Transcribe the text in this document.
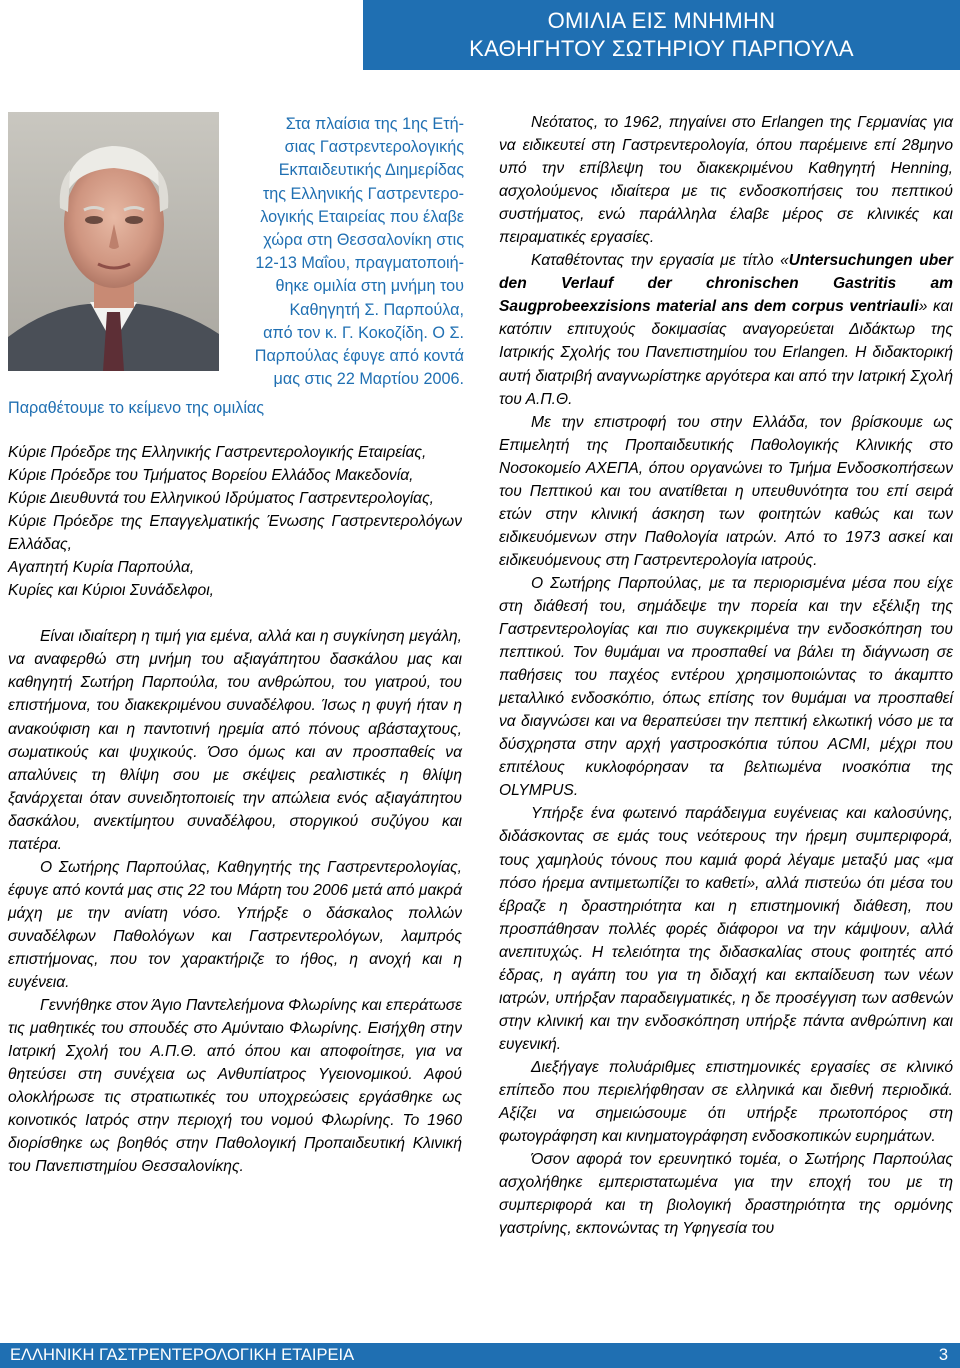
ΟΜΙΛΙΑ ΕΙΣ ΜΝΗΜΗΝ
ΚΑΘΗΓΗΤΟΥ ΣΩΤΗΡΙΟΥ ΠΑΡΠΟΥΛΑ
Στα πλαίσια της 1ης Ετή-
σιας Γαστρεντερολογικής
Εκπαιδευτικής Διημερίδας
της Ελληνικής Γαστρεντερο-
λογικής Εταιρείας που έλαβε
χώρα στη Θεσσαλονίκη στις
12-13 Μαΐου, πραγματοποιή-
θηκε ομιλία στη μνήμη του
Καθηγητή Σ. Παρπούλα,
από τον κ. Γ. Κοκοζίδη. Ο Σ.
Παρπούλας έφυγε από κοντά
μας στις 22 Μαρτίου 2006.
Παραθέτουμε το κείμενο της ομιλίας

Κύριε Πρόεδρε της Ελληνικής Γαστρεντερολογικής Εταιρείας,

Κύριε Πρόεδρε του Τμήματος Βορείου Ελλάδος Μακεδονία,

Κύριε Διευθυντά του Ελληνικού Ιδρύματος Γαστρεντερολογίας,

Κύριε Πρόεδρε της Επαγγελματικής Ένωσης Γαστρεντερολόγων Ελλάδας,

Αγαπητή Κυρία Παρπούλα,

Κυρίες και Κύριοι Συνάδελφοι,

Είναι ιδιαίτερη η τιμή για εμένα, αλλά και η συγκίνηση μεγάλη, να αναφερθώ στη μνήμη του αξιαγάπητου δασκάλου μας και καθηγητή Σωτήρη Παρπούλα, του ανθρώπου, του γιατρού, του επιστήμονα, του διακεκριμένου συναδέλφου. Ίσως η φυγή ήταν η ανακούφιση και η παντοτινή ηρεμία από πόνους αβάσταχτους, σωματικούς και ψυχικούς. Όσο όμως και αν προσπαθείς να απαλύνεις τη θλίψη σου με σκέψεις ρεαλιστικές η θλίψη ξανάρχεται όταν συνειδητοποιείς την απώλεια ενός αξιαγάπητου δασκάλου, ανεκτίμητου συναδέλφου, στοργικού συζύγου και πατέρα.

Ο Σωτήρης Παρπούλας, Καθηγητής της Γαστρεντερολογίας, έφυγε από κοντά μας στις 22 του Μάρτη του 2006 μετά από μακρά μάχη με την ανίατη νόσο. Υπήρξε ο δάσκαλος πολλών συναδέλφων Παθολόγων και Γαστρεντερολόγων, λαμπρός επιστήμονας, που τον χαρακτήριζε το ήθος, η ανοχή και η ευγένεια.

Γεννήθηκε στον Άγιο Παντελεήμονα Φλωρίνης και επεράτωσε τις μαθητικές του σπουδές στο Αμύνταιο Φλωρίνης. Εισήχθη στην Ιατρική Σχολή του Α.Π.Θ. από όπου και αποφοίτησε, για να θητεύσει στη συνέχεια ως Ανθυπίατρος Υγειονομικού. Αφού ολοκλήρωσε τις στρατιωτικές του υποχρεώσεις εργάσθηκε ως κοινοτικός Ιατρός στην περιοχή του νομού Φλωρίνης. Το 1960 διορίσθηκε ως βοηθός στην Παθολογική Προπαιδευτική Κλινική του Πανεπιστημίου Θεσσαλονίκης.

Νεότατος, το 1962, πηγαίνει στο Erlangen της Γερμανίας για να ειδικευτεί στη Γαστρεντερολογία, όπου παρέμεινε επί 28μηνο υπό την επίβλεψη του διακεκριμένου Καθηγητή Henning, ασχολούμενος ιδιαίτερα με τις ενδοσκοπήσεις του πεπτικού συστήματος, ενώ παράλληλα έλαβε μέρος σε κλινικές και πειραματικές εργασίες.

Καταθέτοντας την εργασία με τίτλο «Untersuchungen uber den Verlauf der chronischen Gastritis am Saugprobeexzisions material ans dem corpus ventriauli» και κατόπιν επιτυχούς δοκιμασίας αναγορεύεται Διδάκτωρ της Ιατρικής Σχολής του Πανεπιστημίου του Erlangen. Η διδακτορική αυτή διατριβή αναγνωρίστηκε αργότερα και από την Ιατρική Σχολή του Α.Π.Θ.

Με την επιστροφή του στην Ελλάδα, τον βρίσκουμε ως Επιμελητή της Προπαιδευτικής Παθολογικής Κλινικής στο Νοσοκομείο ΑΧΕΠΑ, όπου οργανώνει το Τμήμα Ενδοσκοπήσεων του Πεπτικού και του ανατίθεται η υπευθυνότητα του επί σειρά ετών στην κλινική άσκηση των φοιτητών καθώς και των ειδικευόμενων στην Παθολογία ιατρών. Από το 1973 ασκεί και ειδικευόμενους στη Γαστρεντερολογία ιατρούς.

Ο Σωτήρης Παρπούλας, με τα περιορισμένα μέσα που είχε στη διάθεσή του, σημάδεψε την πορεία και την εξέλιξη της Γαστρεντερολογίας και πιο συγκεκριμένα την ενδοσκόπηση του πεπτικού. Τον θυμάμαι να προσπαθεί να βάλει τη διάγνωση σε παθήσεις του παχέος εντέρου χρησιμοποιώντας το άκαμπτο μεταλλικό ενδοσκόπιο, όπως επίσης τον θυμάμαι να προσπαθεί να διαγνώσει και να θεραπεύσει την πεπτική ελκωτική νόσο με τα δύσχρηστα στην αρχή γαστροσκόπια τύπου ACMI, μέχρι που επιτέλους κυκλοφόρησαν τα βελτιωμένα ινοσκόπια της OLYMPUS.

Υπήρξε ένα φωτεινό παράδειγμα ευγένειας και καλοσύνης, διδάσκοντας σε εμάς τους νεότερους την ήρεμη συμπεριφορά, τους χαμηλούς τόνους που καμιά φορά λέγαμε μεταξύ μας «μα πόσο ήρεμα αντιμετωπίζει το καθετί», αλλά πιστεύω ότι μέσα του έβραζε η δραστηριότητα και η επιστημονική διάθεση, που προσπάθησαν πολλές φορές διάφοροι να την κάμψουν, αλλά ανεπιτυχώς. Η τελειότητα της διδασκαλίας στους φοιτητές από έδρας, η αγάπη του για τη διδαχή και εκπαίδευση των νέων ιατρών, υπήρξαν παραδειγματικές, η δε προσέγγιση των ασθενών στην κλινική και την ενδοσκόπηση υπήρξε πάντα ανθρώπινη και ευγενική.

Διεξήγαγε πολυάριθμες επιστημονικές εργασίες σε κλινικό επίπεδο που περιελήφθησαν σε ελληνικά και διεθνή περιοδικά. Αξίζει να σημειώσουμε ότι υπήρξε πρωτοπόρος στη φωτογράφηση και κινηματογράφηση ενδοσκοπικών ευρημάτων.

Όσον αφορά τον ερευνητικό τομέα, ο Σωτήρης Παρπούλας ασχολήθηκε εμπεριστατωμένα για την εποχή του με τη συμπεριφορά και τη βιολογική δραστηριότητα της ορμόνης γαστρίνης, εκπονώντας τη Υφηγεσία του

ΕΛΛΗΝΙΚΗ ΓΑΣΤΡΕΝΤΕΡΟΛΟΓΙΚΗ ΕΤΑΙΡΕΙΑ	3
